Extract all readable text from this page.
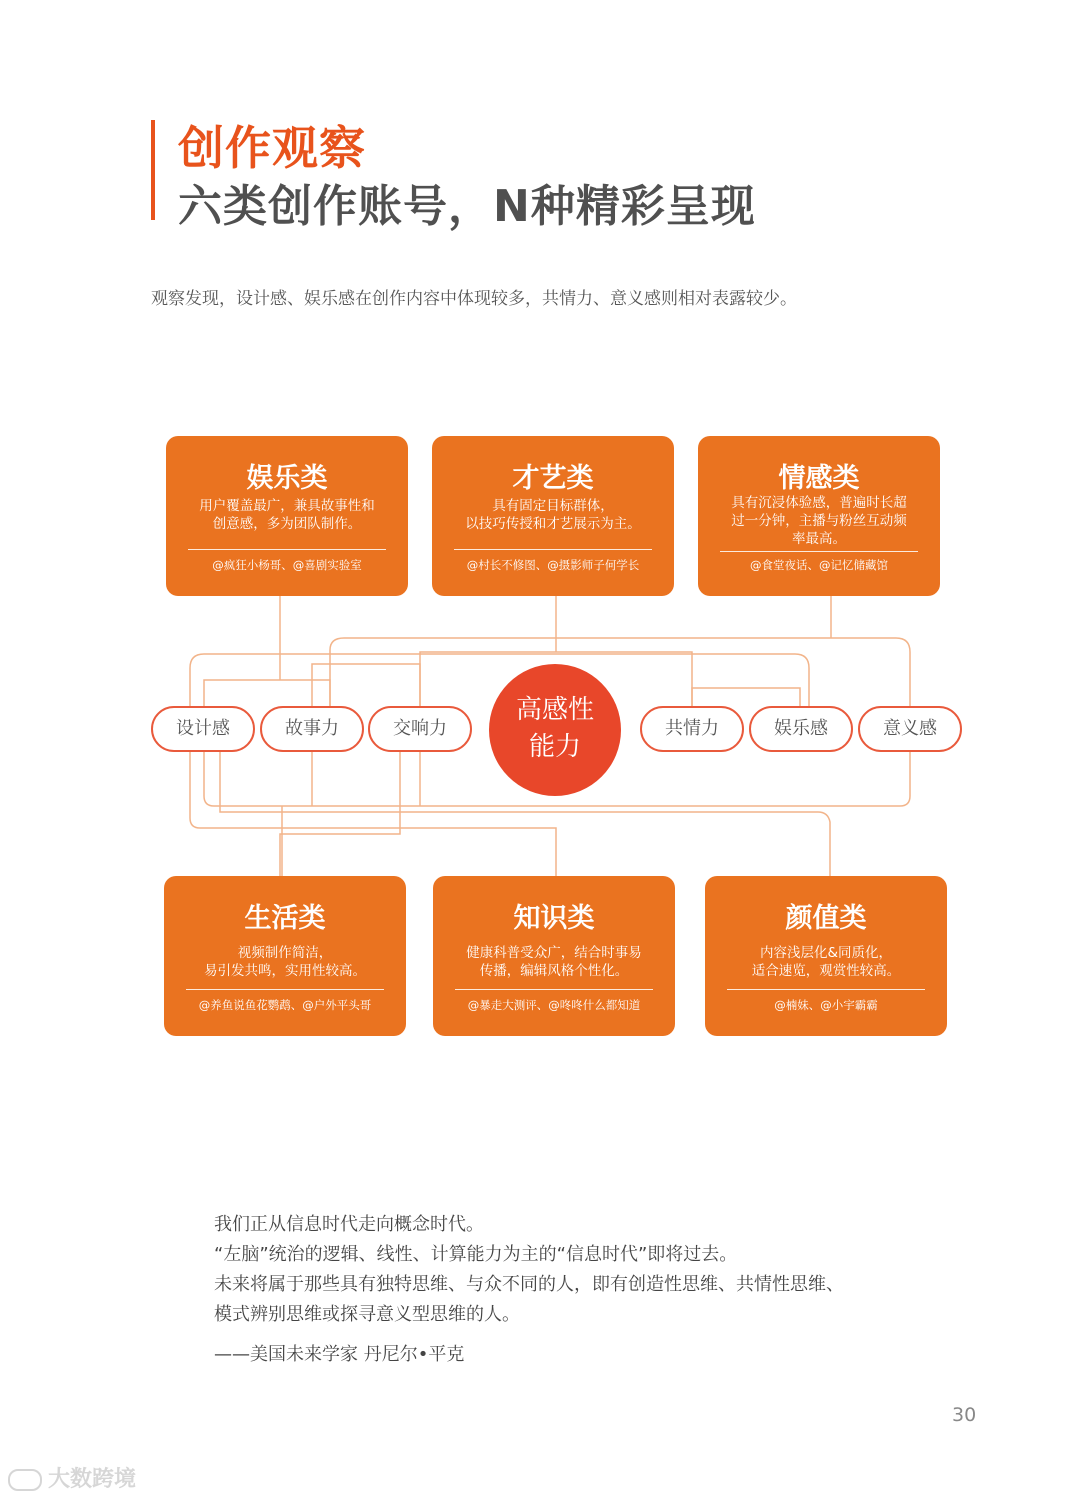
创作观察
六类创作账号，N种精彩呈现
观察发现，设计感、娱乐感在创作内容中体现较多，共情力、意义感则相对表露较少。
娱乐类
用户覆盖最广，兼具故事性和
创意感，多为团队制作。
@疯狂小杨哥、@喜剧实验室
才艺类
具有固定目标群体，
以技巧传授和才艺展示为主。
@村长不修图、@摄影师子何学长
情感类
具有沉浸体验感，普遍时长超
过一分钟，主播与粉丝互动频
率最高。
@食堂夜话、@记忆储藏馆
设计感	故事力	交响力	共情力	娱乐感	意义感
高感性
能力
生活类
视频制作简洁，
易引发共鸣，实用性较高。
@养鱼说鱼花鹦鹉、@户外平头哥
知识类
健康科普受众广，结合时事易
传播，编辑风格个性化。
@暴走大测评、@咚咚什么都知道
颜值类
内容浅层化&同质化，
适合速览，观赏性较高。
@楠妹、@小宇霸霸
我们正从信息时代走向概念时代。
“左脑”统治的逻辑、线性、计算能力为主的“信息时代”即将过去。
未来将属于那些具有独特思维、与众不同的人，即有创造性思维、共情性思维、
模式辨别思维或探寻意义型思维的人。
——美国未来学家 丹尼尔•平克
30
大数跨境
